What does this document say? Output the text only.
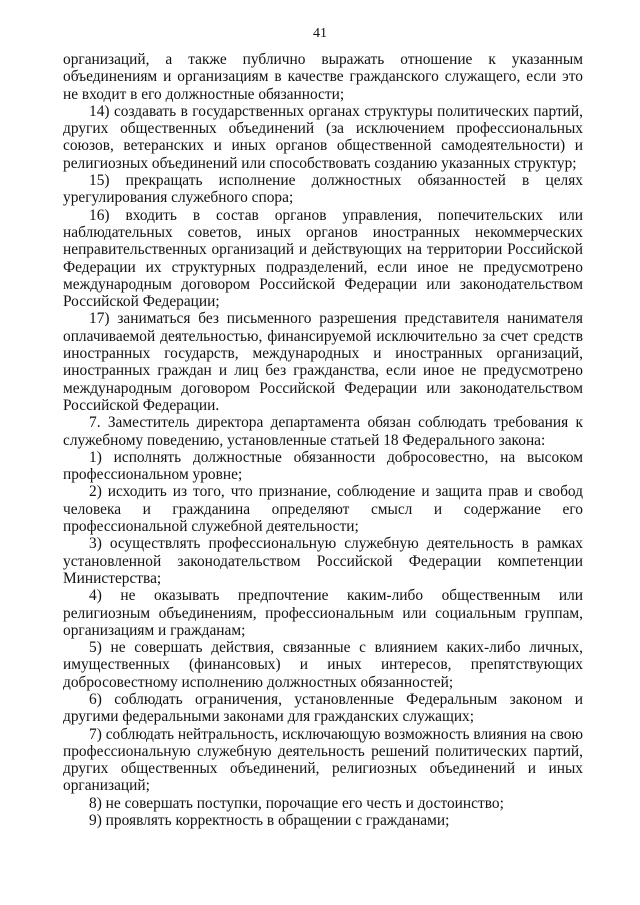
41

организаций, а также публично выражать отношение к указанным объединениям и организациям в качестве гражданского служащего, если это не входит в его должностные обязанности;

14) создавать в государственных органах структуры политических партий, других общественных объединений (за исключением профессиональных союзов, ветеранских и иных органов общественной самодеятельности) и религиозных объединений или способствовать созданию указанных структур;

15) прекращать исполнение должностных обязанностей в целях урегулирования служебного спора;

16) входить в состав органов управления, попечительских или наблюдательных советов, иных органов иностранных некоммерческих неправительственных организаций и действующих на территории Российской Федерации их структурных подразделений, если иное не предусмотрено международным договором Российской Федерации или законодательством Российской Федерации;

17) заниматься без письменного разрешения представителя нанимателя оплачиваемой деятельностью, финансируемой исключительно за счет средств иностранных государств, международных и иностранных организаций, иностранных граждан и лиц без гражданства, если иное не предусмотрено международным договором Российской Федерации или законодательством Российской Федерации.

7. Заместитель директора департамента обязан соблюдать требования к служебному поведению, установленные статьей 18 Федерального закона:

1) исполнять должностные обязанности добросовестно, на высоком профессиональном уровне;

2) исходить из того, что признание, соблюдение и защита прав и свобод человека и гражданина определяют смысл и содержание его профессиональной служебной деятельности;

3) осуществлять профессиональную служебную деятельность в рамках установленной законодательством Российской Федерации компетенции Министерства;

4) не оказывать предпочтение каким-либо общественным или религиозным объединениям, профессиональным или социальным группам, организациям и гражданам;

5) не совершать действия, связанные с влиянием каких-либо личных, имущественных (финансовых) и иных интересов, препятствующих добросовестному исполнению должностных обязанностей;

6) соблюдать ограничения, установленные Федеральным законом и другими федеральными законами для гражданских служащих;

7) соблюдать нейтральность, исключающую возможность влияния на свою профессиональную служебную деятельность решений политических партий, других общественных объединений, религиозных объединений и иных организаций;

8) не совершать поступки, порочащие его честь и достоинство;

9) проявлять корректность в обращении с гражданами;
